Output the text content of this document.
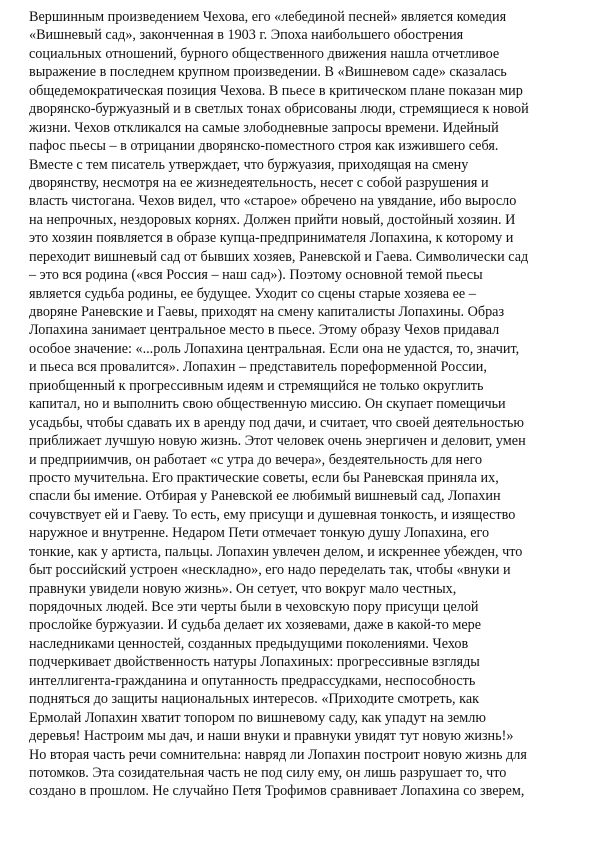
Вершинным произведением Чехова, его «лебединой песней» является комедия
«Вишневый сад», законченная в 1903 г. Эпоха наибольшего обострения
социальных отношений, бурного общественного движения нашла отчетливое
выражение в последнем крупном произведении. В «Вишневом саде» сказалась
общедемократическая позиция Чехова. В пьесе в критическом плане показан мир
дворянско-буржуазный и в светлых тонах обрисованы люди, стремящиеся к новой
жизни. Чехов откликался на самые злободневные запросы времени. Идейный
пафос пьесы – в отрицании дворянско-поместного строя как изжившего себя.
Вместе с тем писатель утверждает, что буржуазия, приходящая на смену
дворянству, несмотря на ее жизнедеятельность, несет с собой разрушения и
власть чистогана. Чехов видел, что «старое» обречено на увядание, ибо выросло
на непрочных, нездоровых корнях. Должен прийти новый, достойный хозяин. И
это хозяин появляется в образе купца-предпринимателя Лопахина, к которому и
переходит вишневый сад от бывших хозяев, Раневской и Гаева. Символически сад
– это вся родина («вся Россия – наш сад»). Поэтому основной темой пьесы
является судьба родины, ее будущее. Уходит со сцены старые хозяева ее –
дворяне Раневские и Гаевы, приходят на смену капиталисты Лопахины. Образ
Лопахина занимает центральное место в пьесе. Этому образу Чехов придавал
особое значение: «...роль Лопахина центральная. Если она не удастся, то, значит,
и пьеса вся провалится». Лопахин – представитель пореформенной России,
приобщенный к прогрессивным идеям и стремящийся не только округлить
капитал, но и выполнить свою общественную миссию. Он скупает помещичьи
усадьбы, чтобы сдавать их в аренду под дачи, и считает, что своей деятельностью
приближает лучшую новую жизнь. Этот человек очень энергичен и деловит, умен
и предприимчив, он работает «с утра до вечера», бездеятельность для него
просто мучительна. Его практические советы, если бы Раневская приняла их,
спасли бы имение. Отбирая у Раневской ее любимый вишневый сад, Лопахин
сочувствует ей и Гаеву. То есть, ему присущи и душевная тонкость, и изящество
наружное и внутренне. Недаром Пети отмечает тонкую душу Лопахина, его
тонкие, как у артиста, пальцы. Лопахин увлечен делом, и искреннее убежден, что
быт российский устроен «нескладно», его надо переделать так, чтобы «внуки и
правнуки увидели новую жизнь». Он сетует, что вокруг мало честных,
порядочных людей. Все эти черты были в чеховскую пору присущи целой
прослойке буржуазии. И судьба делает их хозяевами, даже в какой-то мере
наследниками ценностей, созданных предыдущими поколениями. Чехов
подчеркивает двойственность натуры Лопахиных: прогрессивные взгляды
интеллигента-гражданина и опутанность предрассудками, неспособность
подняться до защиты национальных интересов. «Приходите смотреть, как
Ермолай Лопахин хватит топором по вишневому саду, как упадут на землю
деревья! Настроим мы дач, и наши внуки и правнуки увидят тут новую жизнь!»
Но вторая часть речи сомнительна: навряд ли Лопахин построит новую жизнь для
потомков. Эта созидательная часть не под силу ему, он лишь разрушает то, что
создано в прошлом. Не случайно Петя Трофимов сравнивает Лопахина со зверем,
